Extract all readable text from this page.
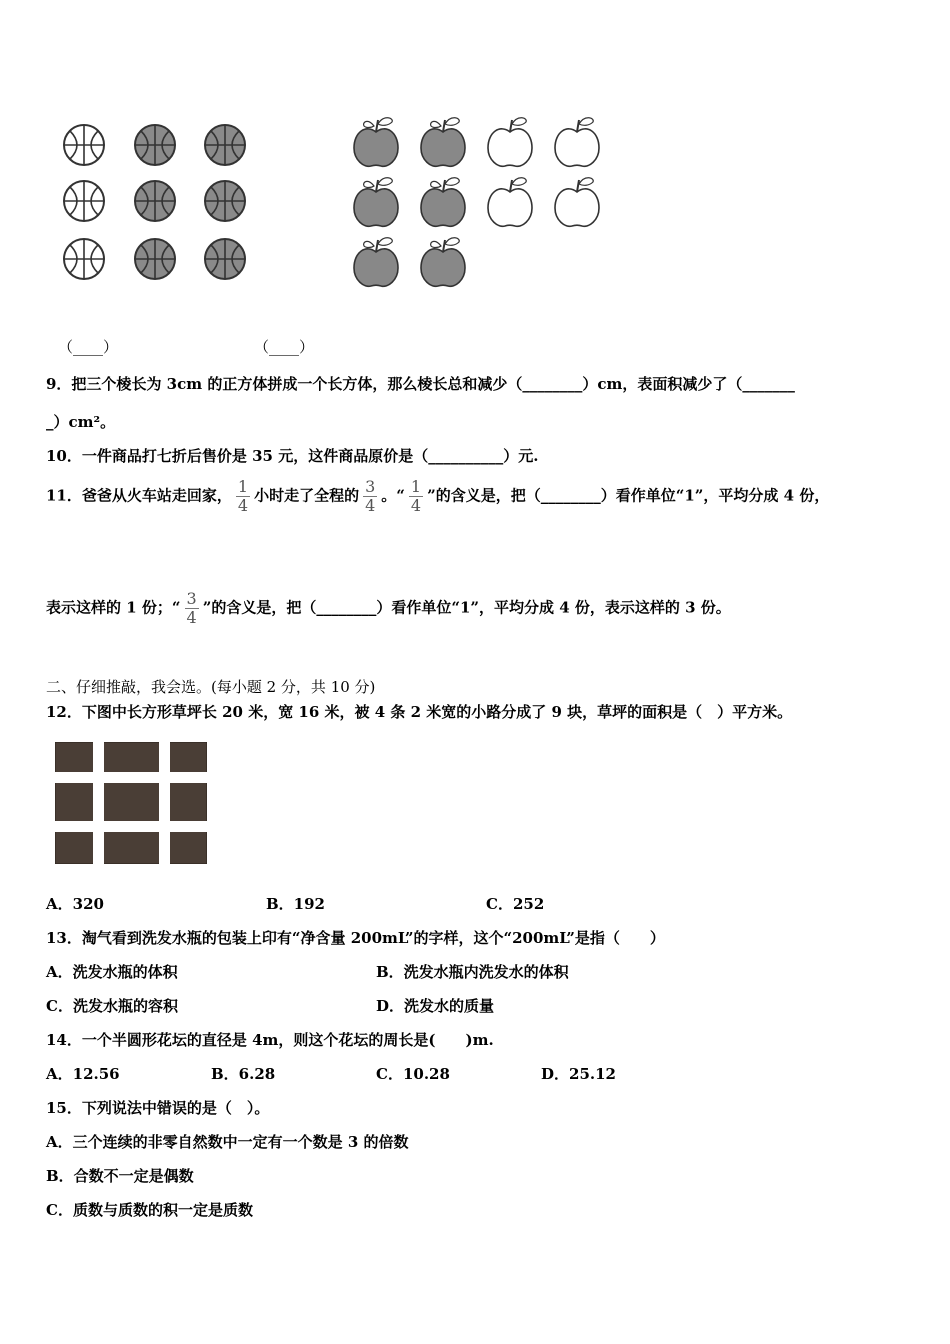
（____）	（____）
9．把三个棱长为 3cm 的正方体拼成一个长方体，那么棱长总和减少（________）cm，表面积减少了（_______
_）cm²。
10．一件商品打七折后售价是 35 元，这件商品原价是（__________）元.
11．爸爸从火车站走回家， $\frac{1}{4}$ 小时走了全程的 $\frac{3}{4}$ 。“ $\frac{1}{4}$ ”的含义是，把（________）看作单位“1”，平均分成 4 份，
表示这样的 1 份；“ $\frac{3}{4}$ ”的含义是，把（________）看作单位“1”，平均分成 4 份，表示这样的 3 份。
二、仔细推敲，我会选。(每小题 2 分，共 10 分)
12．下图中长方形草坪长 20 米，宽 16 米，被 4 条 2 米宽的小路分成了 9 块，草坪的面积是（　）平方米。
A．320	B．192	C．252
13．淘气看到洗发水瓶的包装上印有“净含量 200mL”的字样，这个“200mL”是指（　　）
A．洗发水瓶的体积	B．洗发水瓶内洗发水的体积
C．洗发水瓶的容积	D．洗发水的质量
14．一个半圆形花坛的直径是 4m，则这个花坛的周长是(　　)m.
A．12.56	B．6.28	C．10.28	D．25.12
15．下列说法中错误的是（　）。
A．三个连续的非零自然数中一定有一个数是 3 的倍数
B．合数不一定是偶数
C．质数与质数的积一定是质数
